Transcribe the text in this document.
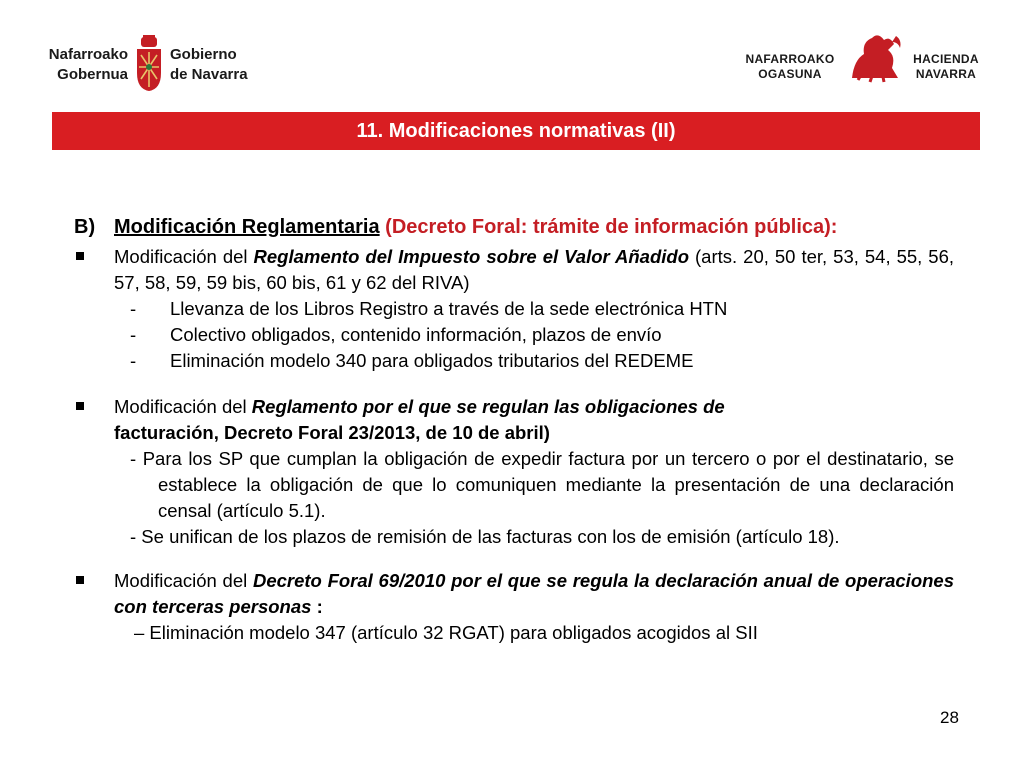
Nafarroako
Gobernua
Gobierno
de Navarra
NAFARROAKO
OGASUNA
HACIENDA
NAVARRA
11. Modificaciones normativas (II)
B) Modificación Reglamentaria (Decreto Foral: trámite de información pública):
Modificación del Reglamento del Impuesto sobre el Valor Añadido (arts. 20, 50 ter, 53, 54, 55, 56, 57, 58, 59, 59 bis, 60 bis, 61 y 62 del RIVA)
- Llevanza de los Libros Registro a través de la sede electrónica HTN
- Colectivo obligados, contenido información, plazos de envío
- Eliminación modelo 340 para obligados tributarios del REDEME
Modificación del Reglamento por el que se regulan las obligaciones de
facturación, Decreto Foral 23/2013, de 10 de abril)
- Para los SP que cumplan la obligación de expedir factura por un tercero o por el destinatario, se establece la obligación de que lo comuniquen mediante la presentación de una declaración censal (artículo 5.1).
- Se unifican de los plazos de remisión de las facturas con los de emisión (artículo 18).
Modificación del Decreto Foral 69/2010 por el que se regula la declaración anual de operaciones con terceras personas :
– Eliminación modelo 347 (artículo 32 RGAT) para obligados acogidos al SII
28
